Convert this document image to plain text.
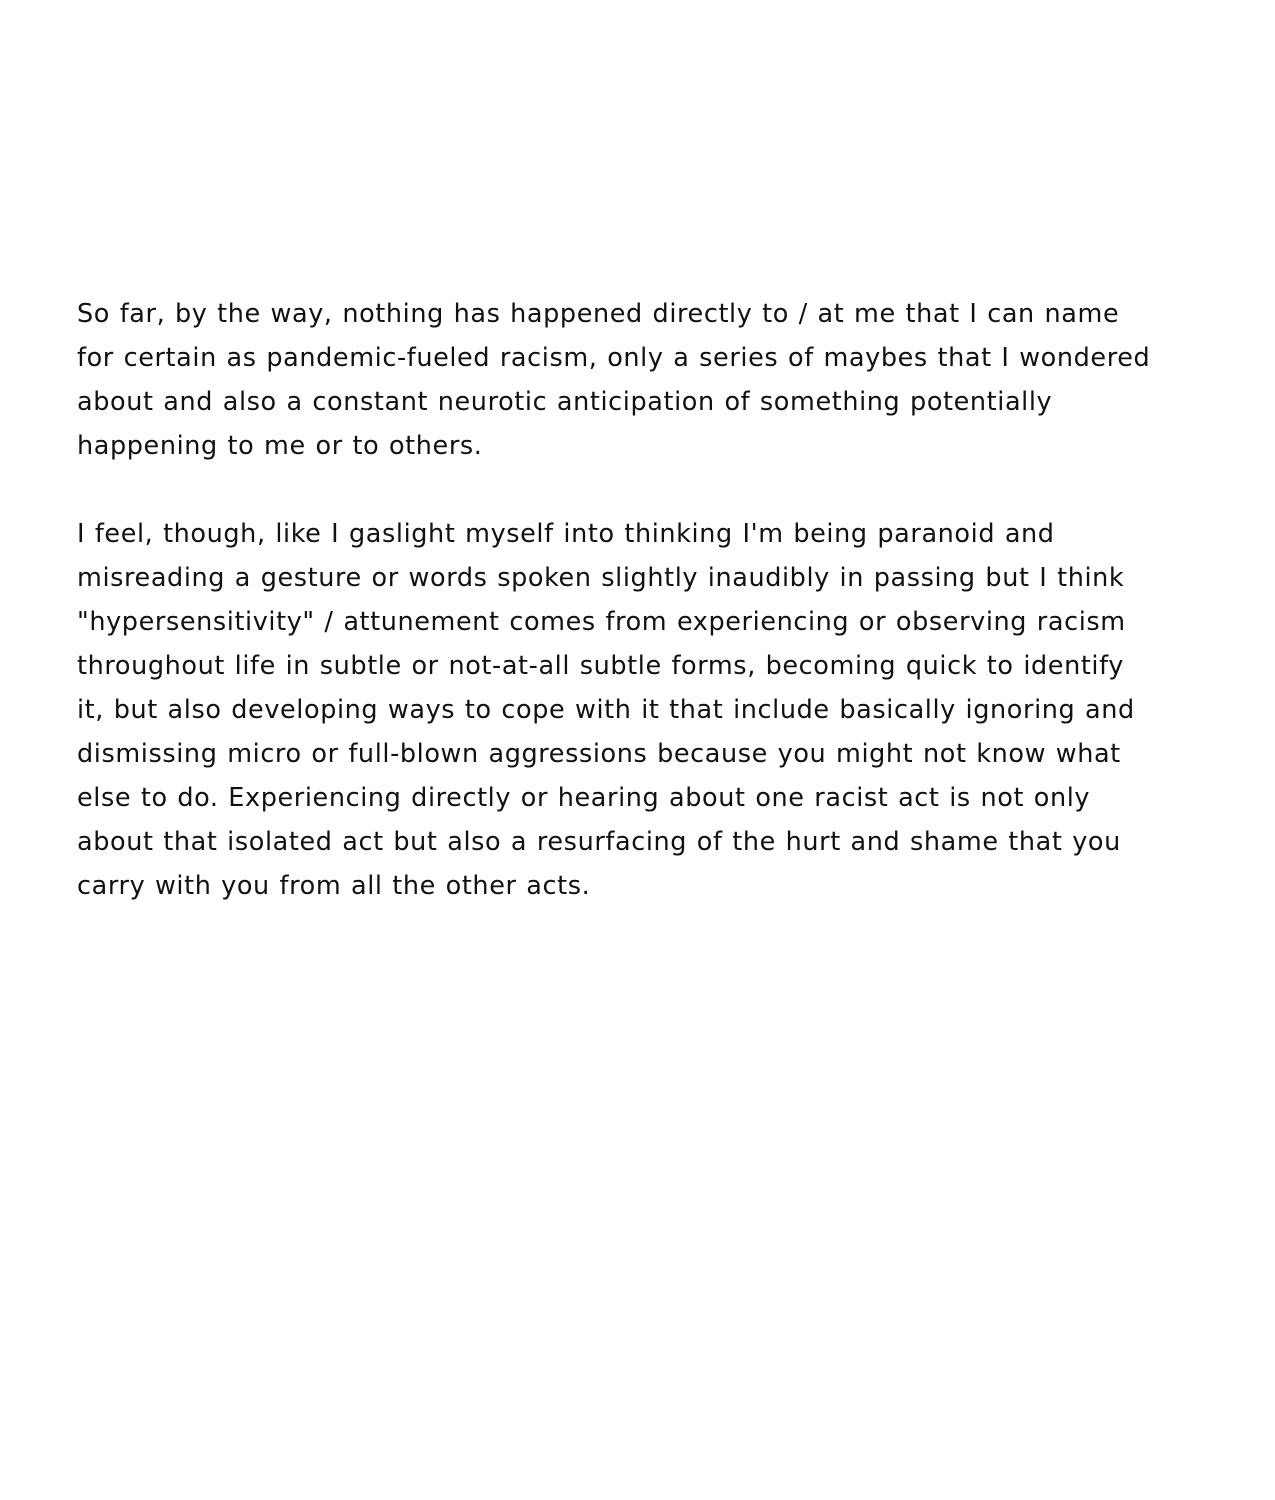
So far, by the way, nothing has happened directly to / at me that I can name
for certain as pandemic-fueled racism, only a series of maybes that I wondered
about and also a constant neurotic anticipation of something potentially
happening to me or to others.
I feel, though, like I gaslight myself into thinking I'm being paranoid and
misreading a gesture or words spoken slightly inaudibly in passing but I think
"hypersensitivity" / attunement comes from experiencing or observing racism
throughout life in subtle or not-at-all subtle forms, becoming quick to identify
it, but also developing ways to cope with it that include basically ignoring and
dismissing micro or full-blown aggressions because you might not know what
else to do. Experiencing directly or hearing about one racist act is not only
about that isolated act but also a resurfacing of the hurt and shame that you
carry with you from all the other acts.
